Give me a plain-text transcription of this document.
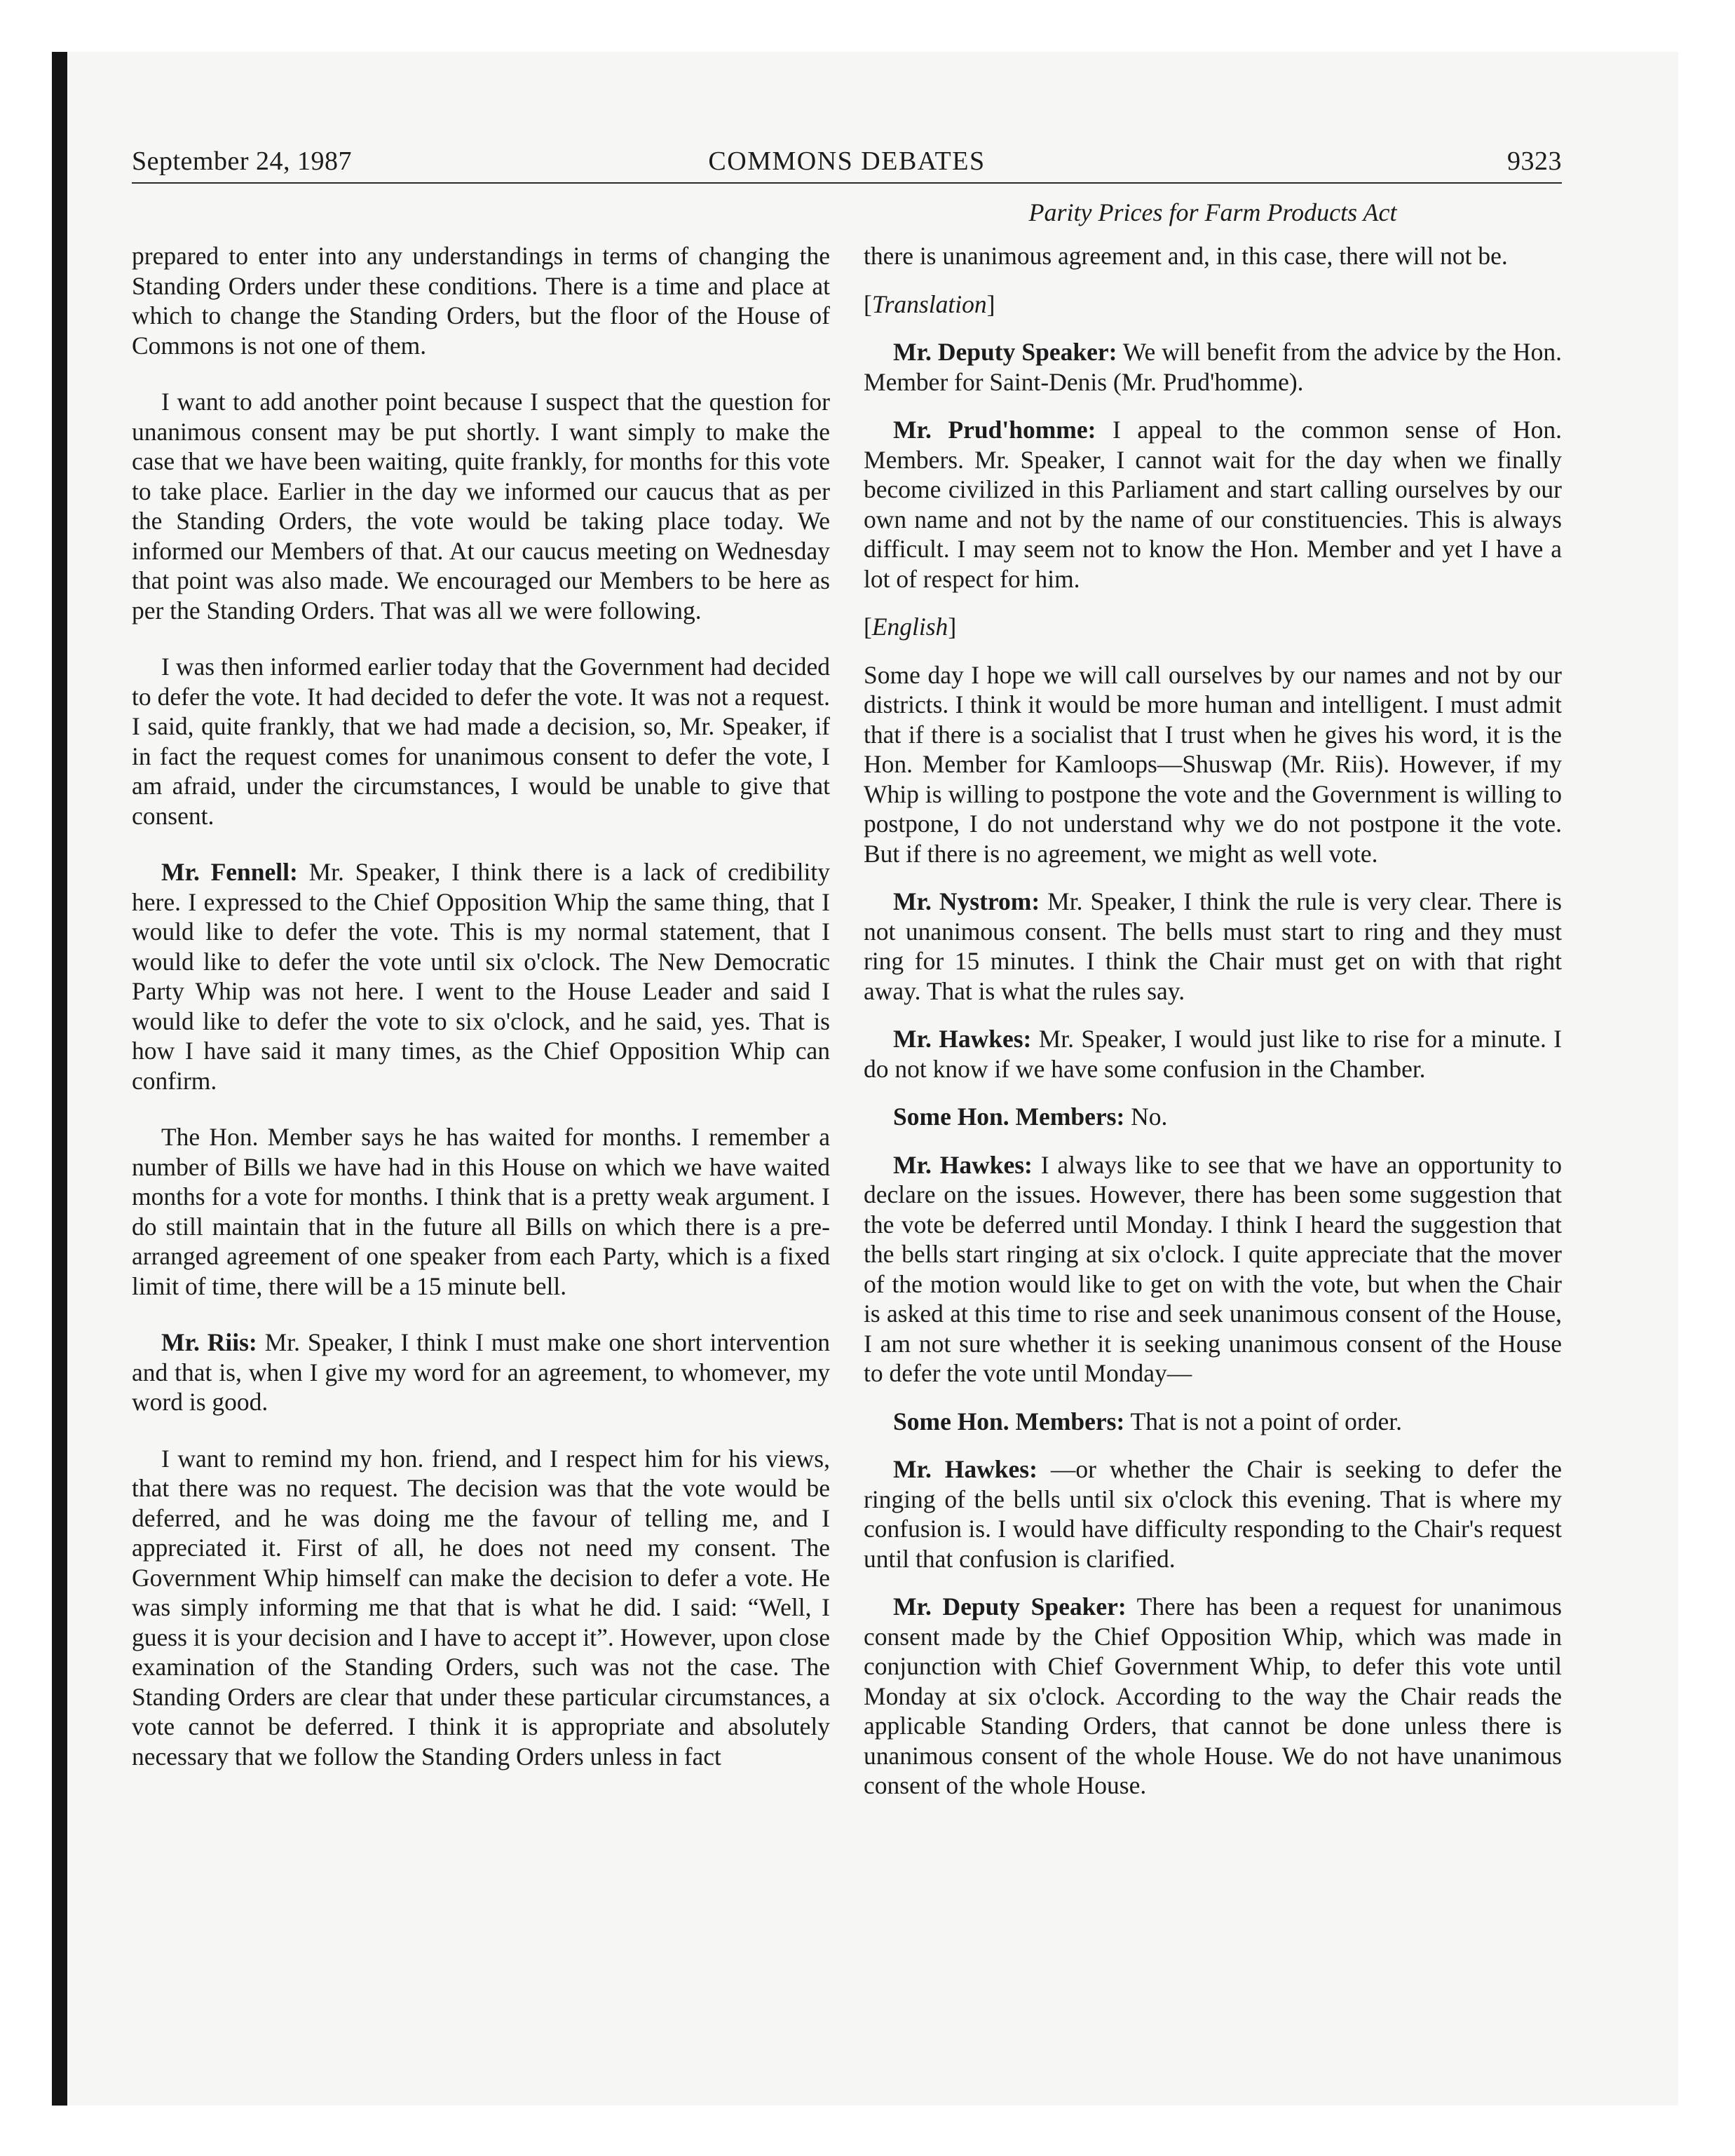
September 24, 1987	COMMONS DEBATES	9323
Parity Prices for Farm Products Act

prepared to enter into any understandings in terms of changing the Standing Orders under these conditions. There is a time and place at which to change the Standing Orders, but the floor of the House of Commons is not one of them.

I want to add another point because I suspect that the question for unanimous consent may be put shortly. I want simply to make the case that we have been waiting, quite frankly, for months for this vote to take place. Earlier in the day we informed our caucus that as per the Standing Orders, the vote would be taking place today. We informed our Members of that. At our caucus meeting on Wednesday that point was also made. We encouraged our Members to be here as per the Standing Orders. That was all we were following.

I was then informed earlier today that the Government had decided to defer the vote. It had decided to defer the vote. It was not a request. I said, quite frankly, that we had made a decision, so, Mr. Speaker, if in fact the request comes for unanimous consent to defer the vote, I am afraid, under the circumstances, I would be unable to give that consent.

Mr. Fennell: Mr. Speaker, I think there is a lack of credibility here. I expressed to the Chief Opposition Whip the same thing, that I would like to defer the vote. This is my normal statement, that I would like to defer the vote until six o'clock. The New Democratic Party Whip was not here. I went to the House Leader and said I would like to defer the vote to six o'clock, and he said, yes. That is how I have said it many times, as the Chief Opposition Whip can confirm.

The Hon. Member says he has waited for months. I remember a number of Bills we have had in this House on which we have waited months for a vote for months. I think that is a pretty weak argument. I do still maintain that in the future all Bills on which there is a pre-arranged agreement of one speaker from each Party, which is a fixed limit of time, there will be a 15 minute bell.

Mr. Riis: Mr. Speaker, I think I must make one short intervention and that is, when I give my word for an agreement, to whomever, my word is good.

I want to remind my hon. friend, and I respect him for his views, that there was no request. The decision was that the vote would be deferred, and he was doing me the favour of telling me, and I appreciated it. First of all, he does not need my consent. The Government Whip himself can make the decision to defer a vote. He was simply informing me that that is what he did. I said: “Well, I guess it is your decision and I have to accept it”. However, upon close examination of the Standing Orders, such was not the case. The Standing Orders are clear that under these particular circumstances, a vote cannot be deferred. I think it is appropriate and absolutely necessary that we follow the Standing Orders unless in fact

there is unanimous agreement and, in this case, there will not be.

[Translation]

Mr. Deputy Speaker: We will benefit from the advice by the Hon. Member for Saint-Denis (Mr. Prud'homme).

Mr. Prud'homme: I appeal to the common sense of Hon. Members. Mr. Speaker, I cannot wait for the day when we finally become civilized in this Parliament and start calling ourselves by our own name and not by the name of our constituencies. This is always difficult. I may seem not to know the Hon. Member and yet I have a lot of respect for him.

[English]

Some day I hope we will call ourselves by our names and not by our districts. I think it would be more human and intelligent. I must admit that if there is a socialist that I trust when he gives his word, it is the Hon. Member for Kamloops—Shuswap (Mr. Riis). However, if my Whip is willing to postpone the vote and the Government is willing to postpone, I do not understand why we do not postpone it the vote. But if there is no agreement, we might as well vote.

Mr. Nystrom: Mr. Speaker, I think the rule is very clear. There is not unanimous consent. The bells must start to ring and they must ring for 15 minutes. I think the Chair must get on with that right away. That is what the rules say.

Mr. Hawkes: Mr. Speaker, I would just like to rise for a minute. I do not know if we have some confusion in the Chamber.

Some Hon. Members: No.

Mr. Hawkes: I always like to see that we have an opportunity to declare on the issues. However, there has been some suggestion that the vote be deferred until Monday. I think I heard the suggestion that the bells start ringing at six o'clock. I quite appreciate that the mover of the motion would like to get on with the vote, but when the Chair is asked at this time to rise and seek unanimous consent of the House, I am not sure whether it is seeking unanimous consent of the House to defer the vote until Monday—

Some Hon. Members: That is not a point of order.

Mr. Hawkes: —or whether the Chair is seeking to defer the ringing of the bells until six o'clock this evening. That is where my confusion is. I would have difficulty responding to the Chair's request until that confusion is clarified.

Mr. Deputy Speaker: There has been a request for unanimous consent made by the Chief Opposition Whip, which was made in conjunction with Chief Government Whip, to defer this vote until Monday at six o'clock. According to the way the Chair reads the applicable Standing Orders, that cannot be done unless there is unanimous consent of the whole House. We do not have unanimous consent of the whole House.
